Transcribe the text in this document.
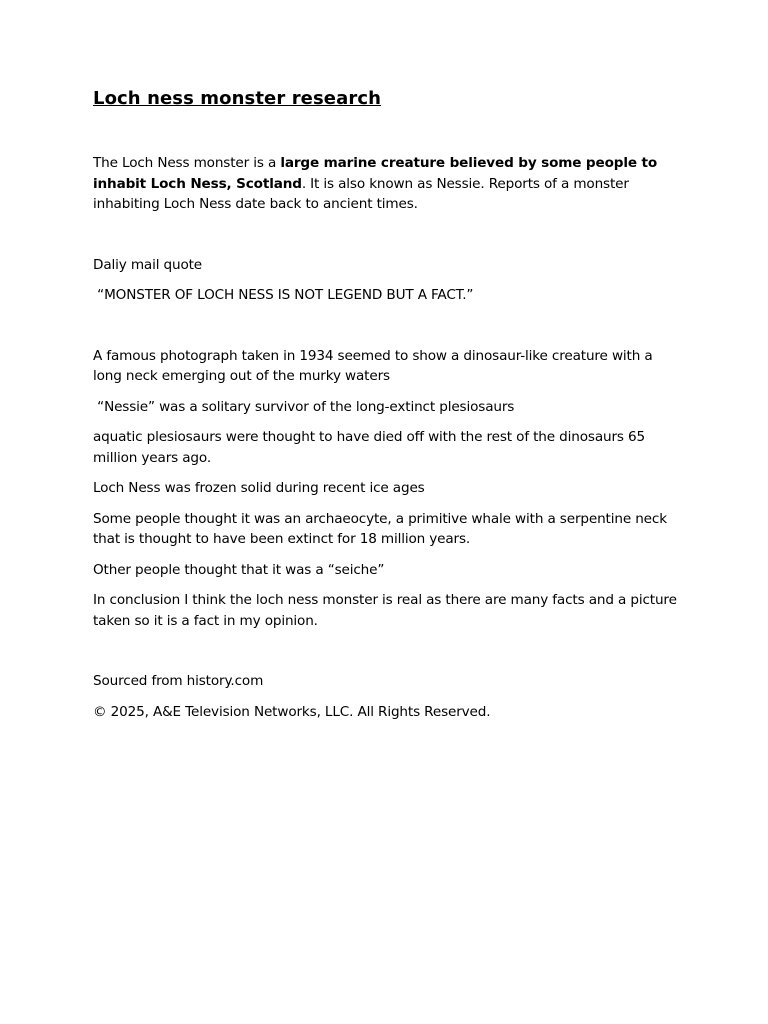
Loch ness monster research

The Loch Ness monster is a large marine creature believed by some people to inhabit Loch Ness, Scotland. It is also known as Nessie. Reports of a monster inhabiting Loch Ness date back to ancient times.

Daliy mail quote

“MONSTER OF LOCH NESS IS NOT LEGEND BUT A FACT.”

A famous photograph taken in 1934 seemed to show a dinosaur-like creature with a long neck emerging out of the murky waters

“Nessie” was a solitary survivor of the long-extinct plesiosaurs

aquatic plesiosaurs were thought to have died off with the rest of the dinosaurs 65 million years ago.

Loch Ness was frozen solid during recent ice ages

Some people thought it was an archaeocyte, a primitive whale with a serpentine neck that is thought to have been extinct for 18 million years.

Other people thought that it was a “seiche”

In conclusion I think the loch ness monster is real as there are many facts and a picture taken so it is a fact in my opinion.

Sourced from history.com

© 2025, A&E Television Networks, LLC. All Rights Reserved.
